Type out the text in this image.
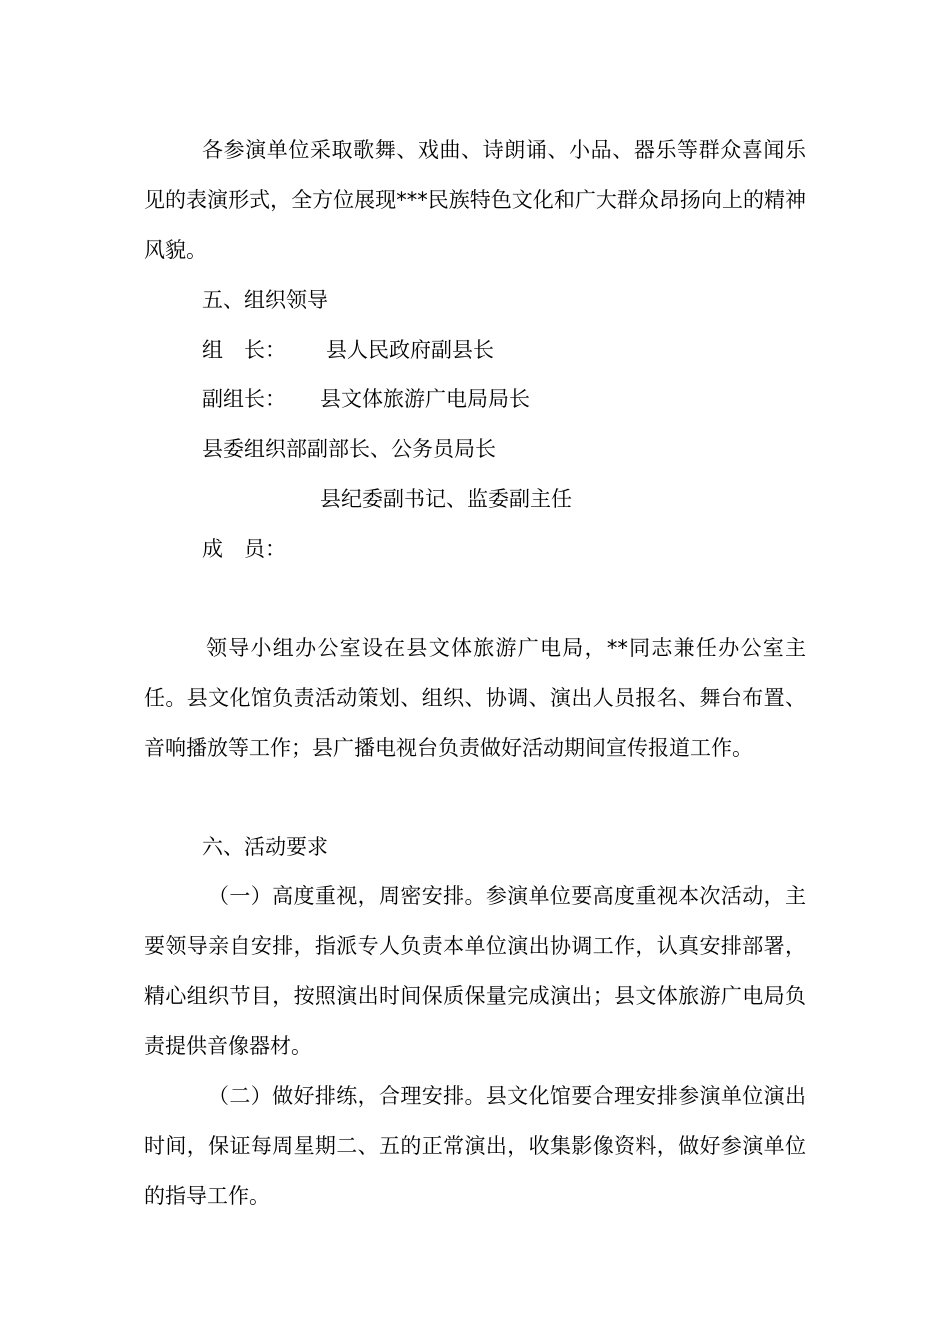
各参演单位采取歌舞、戏曲、诗朗诵、小品、器乐等群众喜闻乐见的表演形式，全方位展现***民族特色文化和广大群众昂扬向上的精神风貌。

五、组织领导

组　长： 县人民政府副县长

副组长： 县文体旅游广电局局长

县委组织部副部长、公务员局长

县纪委副书记、监委副主任

成　员：

领导小组办公室设在县文体旅游广电局，**同志兼任办公室主任。县文化馆负责活动策划、组织、协调、演出人员报名、舞台布置、音响播放等工作；县广播电视台负责做好活动期间宣传报道工作。

六、活动要求

（一）高度重视，周密安排。参演单位要高度重视本次活动，主要领导亲自安排，指派专人负责本单位演出协调工作，认真安排部署，精心组织节目，按照演出时间保质保量完成演出；县文体旅游广电局负责提供音像器材。

（二）做好排练，合理安排。县文化馆要合理安排参演单位演出时间，保证每周星期二、五的正常演出，收集影像资料，做好参演单位的指导工作。
